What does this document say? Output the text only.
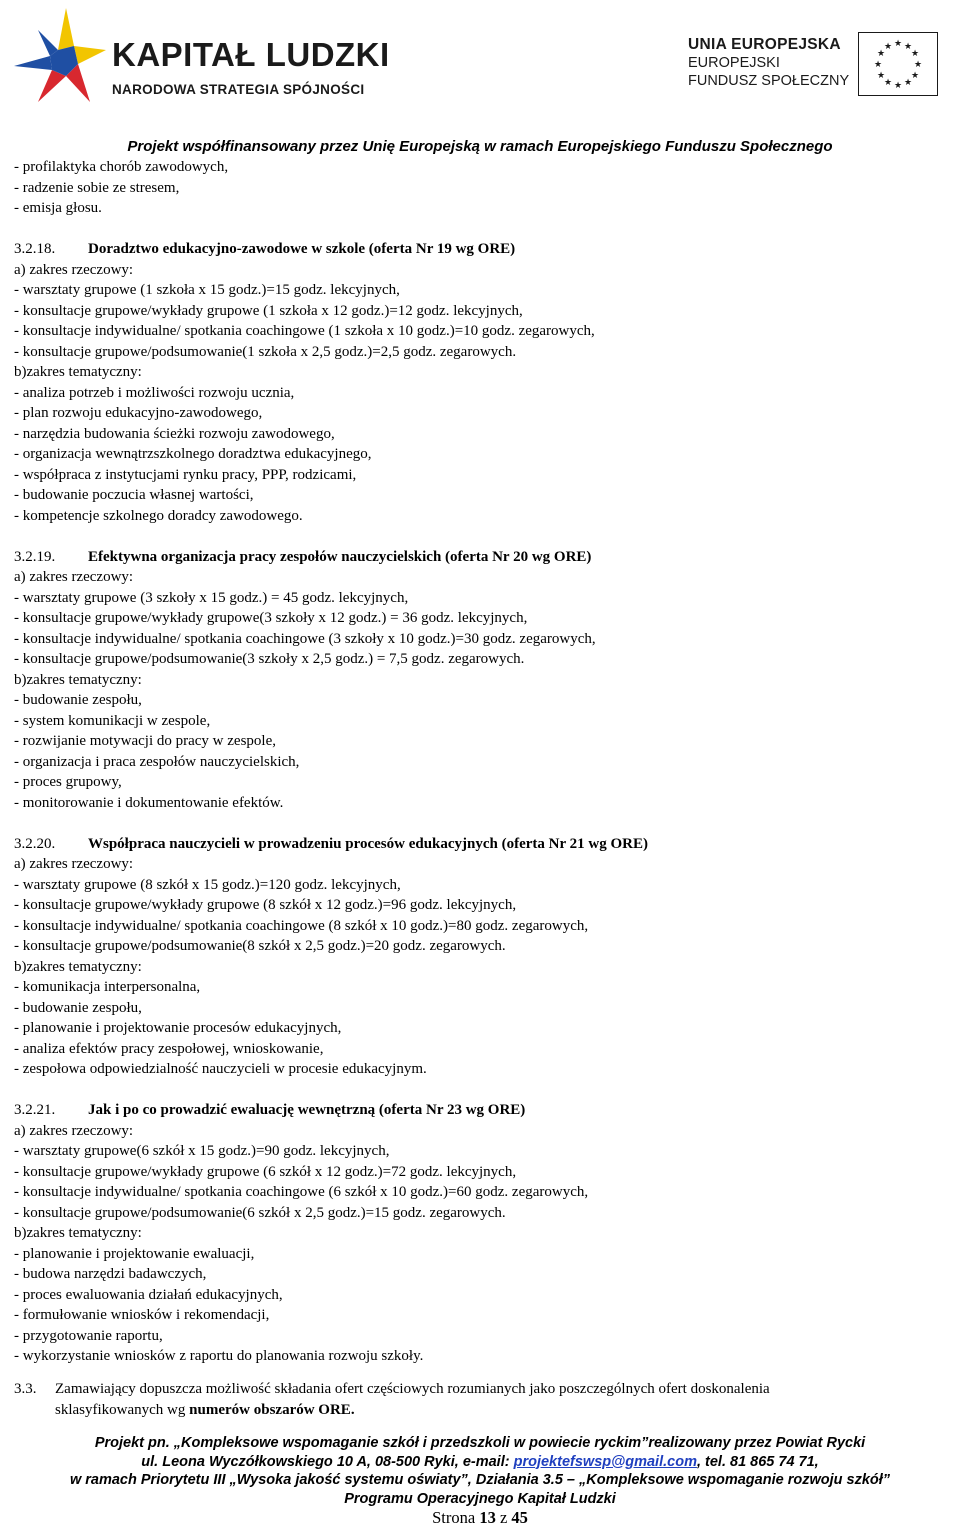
KAPITAŁ LUDZKI
NARODOWA STRATEGIA SPÓJNOŚCI
UNIA EUROPEJSKA
EUROPEJSKI
FUNDUSZ SPOŁECZNY
★ ★
★
★
★
★
★
★
★
★
★
★
Projekt współfinansowany przez Unię Europejską w ramach Europejskiego Funduszu Społecznego
- profilaktyka chorób zawodowych,
- radzenie sobie ze stresem,
- emisja głosu.
3.2.18. Doradztwo edukacyjno-zawodowe w szkole (oferta Nr 19 wg ORE)
a) zakres rzeczowy:
- warsztaty grupowe (1 szkoła x 15 godz.)=15 godz. lekcyjnych,
- konsultacje grupowe/wykłady grupowe (1 szkoła x 12 godz.)=12 godz. lekcyjnych,
- konsultacje indywidualne/ spotkania coachingowe (1 szkoła x 10 godz.)=10 godz. zegarowych,
- konsultacje grupowe/podsumowanie(1 szkoła x 2,5 godz.)=2,5 godz. zegarowych.
b)zakres tematyczny:
- analiza potrzeb i możliwości rozwoju ucznia,
- plan rozwoju edukacyjno-zawodowego,
- narzędzia budowania ścieżki rozwoju zawodowego,
- organizacja wewnątrzszkolnego doradztwa edukacyjnego,
- współpraca z instytucjami rynku pracy, PPP, rodzicami,
- budowanie poczucia własnej wartości,
- kompetencje szkolnego doradcy zawodowego.
3.2.19. Efektywna organizacja pracy zespołów nauczycielskich (oferta Nr 20 wg ORE)
a) zakres rzeczowy:
- warsztaty grupowe (3 szkoły x 15 godz.) = 45 godz. lekcyjnych,
- konsultacje grupowe/wykłady grupowe(3 szkoły x 12 godz.) = 36 godz. lekcyjnych,
- konsultacje indywidualne/ spotkania coachingowe (3 szkoły x 10 godz.)=30 godz. zegarowych,
- konsultacje grupowe/podsumowanie(3 szkoły x 2,5 godz.) = 7,5 godz. zegarowych.
b)zakres tematyczny:
- budowanie zespołu,
- system komunikacji w zespole,
- rozwijanie motywacji do pracy w zespole,
- organizacja i praca zespołów nauczycielskich,
- proces grupowy,
- monitorowanie i dokumentowanie efektów.
3.2.20. Współpraca nauczycieli w prowadzeniu procesów edukacyjnych (oferta Nr 21 wg ORE)
a) zakres rzeczowy:
- warsztaty grupowe (8 szkół x 15 godz.)=120 godz. lekcyjnych,
- konsultacje grupowe/wykłady grupowe (8 szkół x 12 godz.)=96 godz. lekcyjnych,
- konsultacje indywidualne/ spotkania coachingowe (8 szkół x 10 godz.)=80 godz. zegarowych,
- konsultacje grupowe/podsumowanie(8 szkół x 2,5 godz.)=20 godz. zegarowych.
b)zakres tematyczny:
- komunikacja interpersonalna,
- budowanie zespołu,
- planowanie i projektowanie procesów edukacyjnych,
- analiza efektów pracy zespołowej, wnioskowanie,
- zespołowa odpowiedzialność nauczycieli w procesie edukacyjnym.
3.2.21. Jak i po co prowadzić ewaluację wewnętrzną (oferta Nr 23 wg ORE)
a) zakres rzeczowy:
- warsztaty grupowe(6 szkół x 15 godz.)=90 godz. lekcyjnych,
- konsultacje grupowe/wykłady grupowe (6 szkół x 12 godz.)=72 godz. lekcyjnych,
- konsultacje indywidualne/ spotkania coachingowe (6 szkół x 10 godz.)=60 godz. zegarowych,
- konsultacje grupowe/podsumowanie(6 szkół x 2,5 godz.)=15 godz. zegarowych.
b)zakres tematyczny:
- planowanie i projektowanie ewaluacji,
- budowa narzędzi badawczych,
- proces ewaluowania działań edukacyjnych,
- formułowanie wniosków i rekomendacji,
- przygotowanie raportu,
- wykorzystanie wniosków z raportu do planowania rozwoju szkoły.
3.3. Zamawiający dopuszcza możliwość składania ofert częściowych rozumianych jako poszczególnych ofert doskonalenia
sklasyfikowanych wg numerów obszarów ORE.
Projekt pn. „Kompleksowe wspomaganie szkół i przedszkoli w powiecie ryckim”realizowany przez Powiat Rycki
ul. Leona Wyczółkowskiego 10 A, 08-500 Ryki, e-mail: projektefswsp@gmail.com, tel. 81 865 74 71,
w ramach Priorytetu III „Wysoka jakość systemu oświaty”, Działania 3.5 – „Kompleksowe wspomaganie rozwoju szkół”
Programu Operacyjnego Kapitał Ludzki
Strona 13 z 45
